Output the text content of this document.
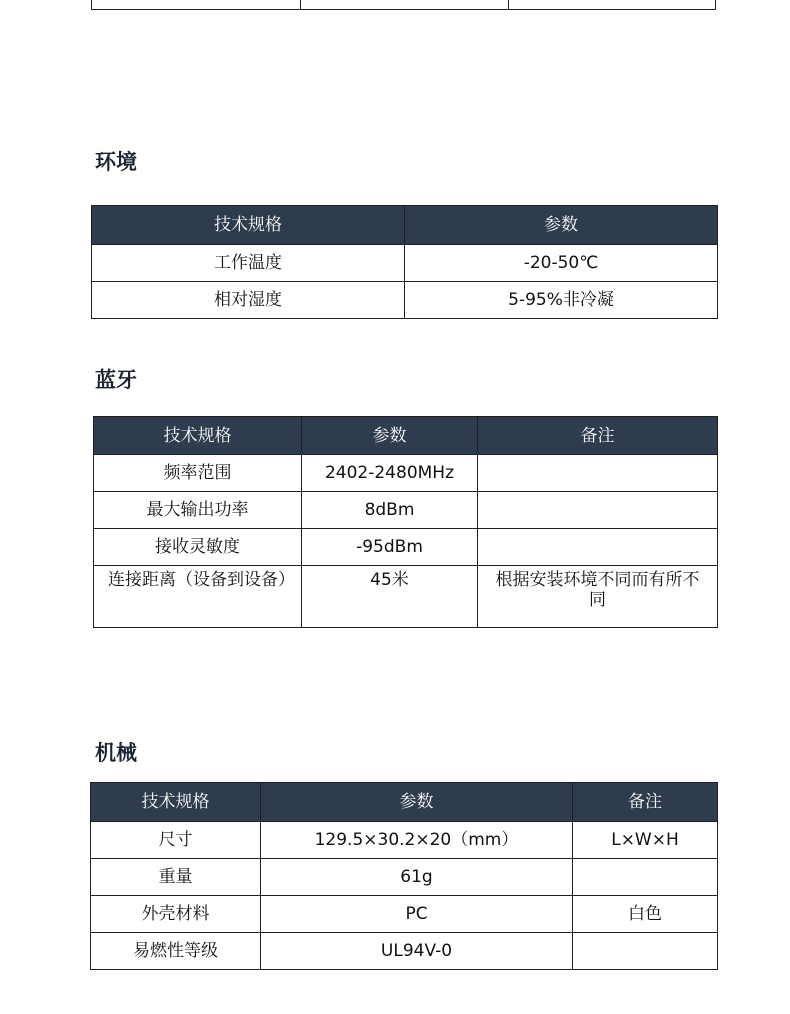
环境
技术规格	参数
工作温度	-20-50℃
相对湿度	5-95%非冷凝
蓝牙
技术规格	参数	备注
频率范围	2402-2480MHz	
最大输出功率	8dBm	
接收灵敏度	-95dBm	
连接距离（设备到设备）	45米	根据安装环境不同而有所不同
机械
技术规格	参数	备注
尺寸	129.5×30.2×20（mm）	L×W×H
重量	61g	
外壳材料	PC	白色
易燃性等级	UL94V-0	
